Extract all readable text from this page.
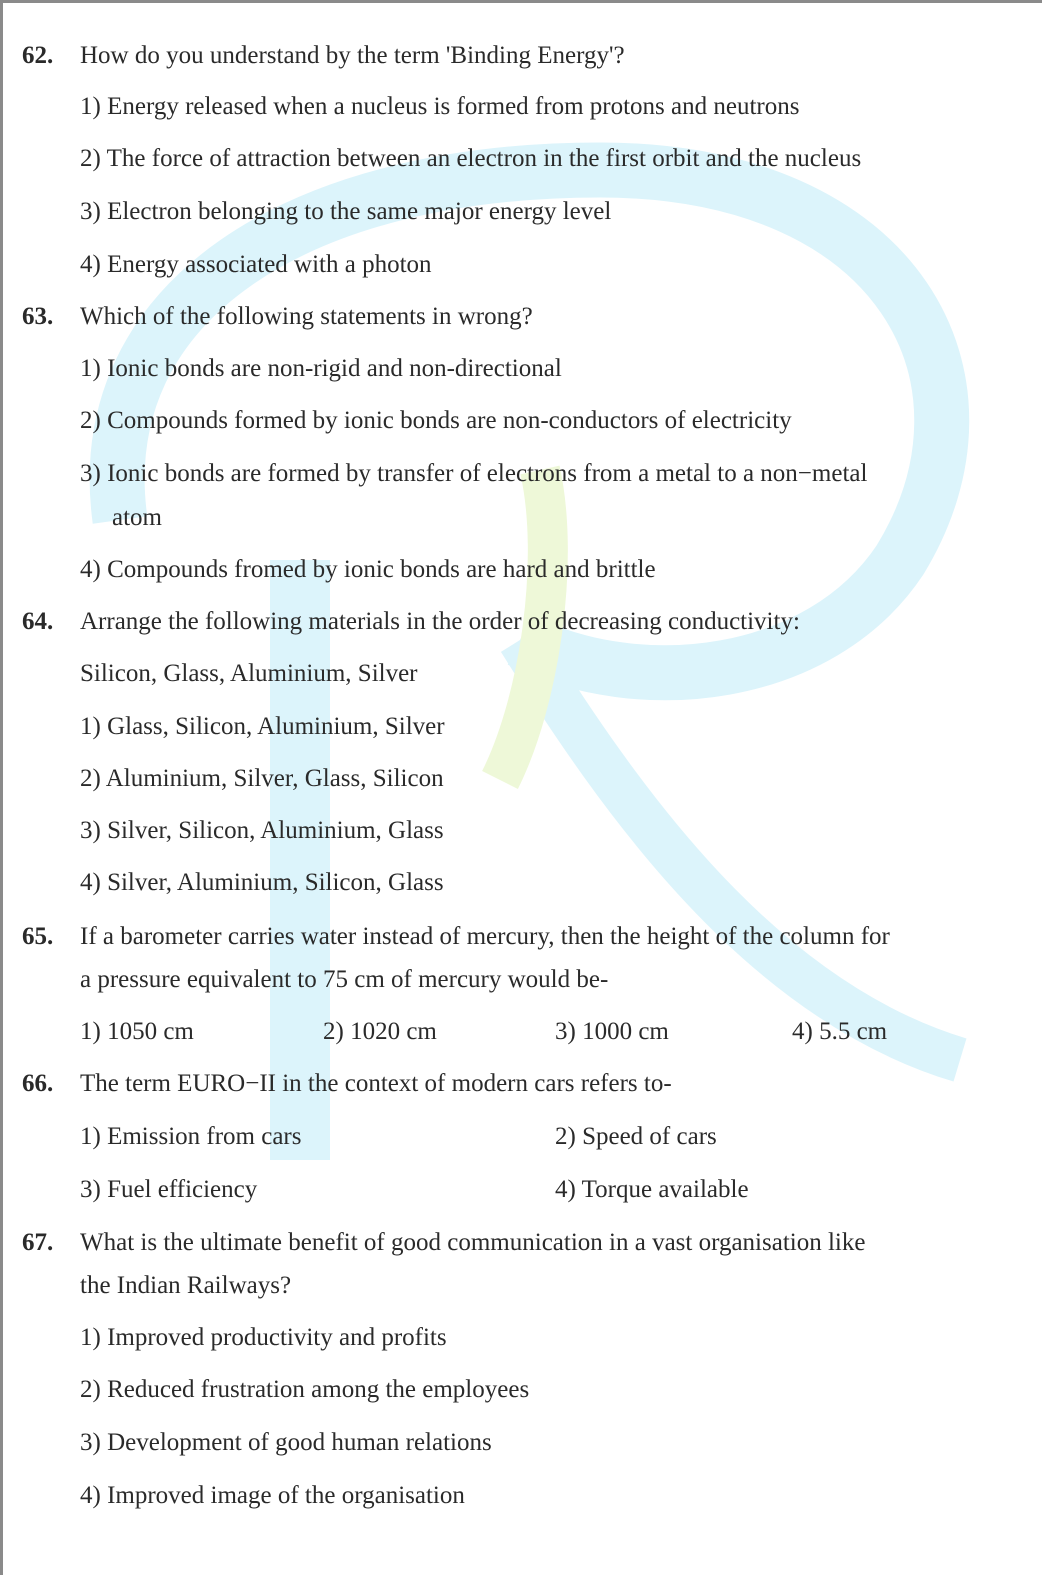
62. How do you understand by the term 'Binding Energy'?
1) Energy released when a nucleus is formed from protons and neutrons
2) The force of attraction between an electron in the first orbit and the nucleus
3) Electron belonging to the same major energy level
4) Energy associated with a photon
63. Which of the following statements in wrong?
1) Ionic bonds are non-rigid and non-directional
2) Compounds formed by ionic bonds are non-conductors of electricity
3) Ionic bonds are formed by transfer of electrons from a metal to a non−metal
atom
4) Compounds fromed by ionic bonds are hard and brittle
64. Arrange the following materials in the order of decreasing conductivity:
Silicon, Glass, Aluminium, Silver
1) Glass, Silicon, Aluminium, Silver
2) Aluminium, Silver, Glass, Silicon
3) Silver, Silicon, Aluminium, Glass
4) Silver, Aluminium, Silicon, Glass
65. If a barometer carries water instead of mercury, then the height of the column for
a pressure equivalent to 75 cm of mercury would be-
1) 1050 cm	2) 1020 cm	3) 1000 cm	4) 5.5 cm
66. The term EURO−II in the context of modern cars refers to-
1) Emission from cars	2) Speed of cars
3) Fuel efficiency	4) Torque available
67. What is the ultimate benefit of good communication in a vast organisation like
the Indian Railways?
1) Improved productivity and profits
2) Reduced frustration among the employees
3) Development of good human relations
4) Improved image of the organisation
